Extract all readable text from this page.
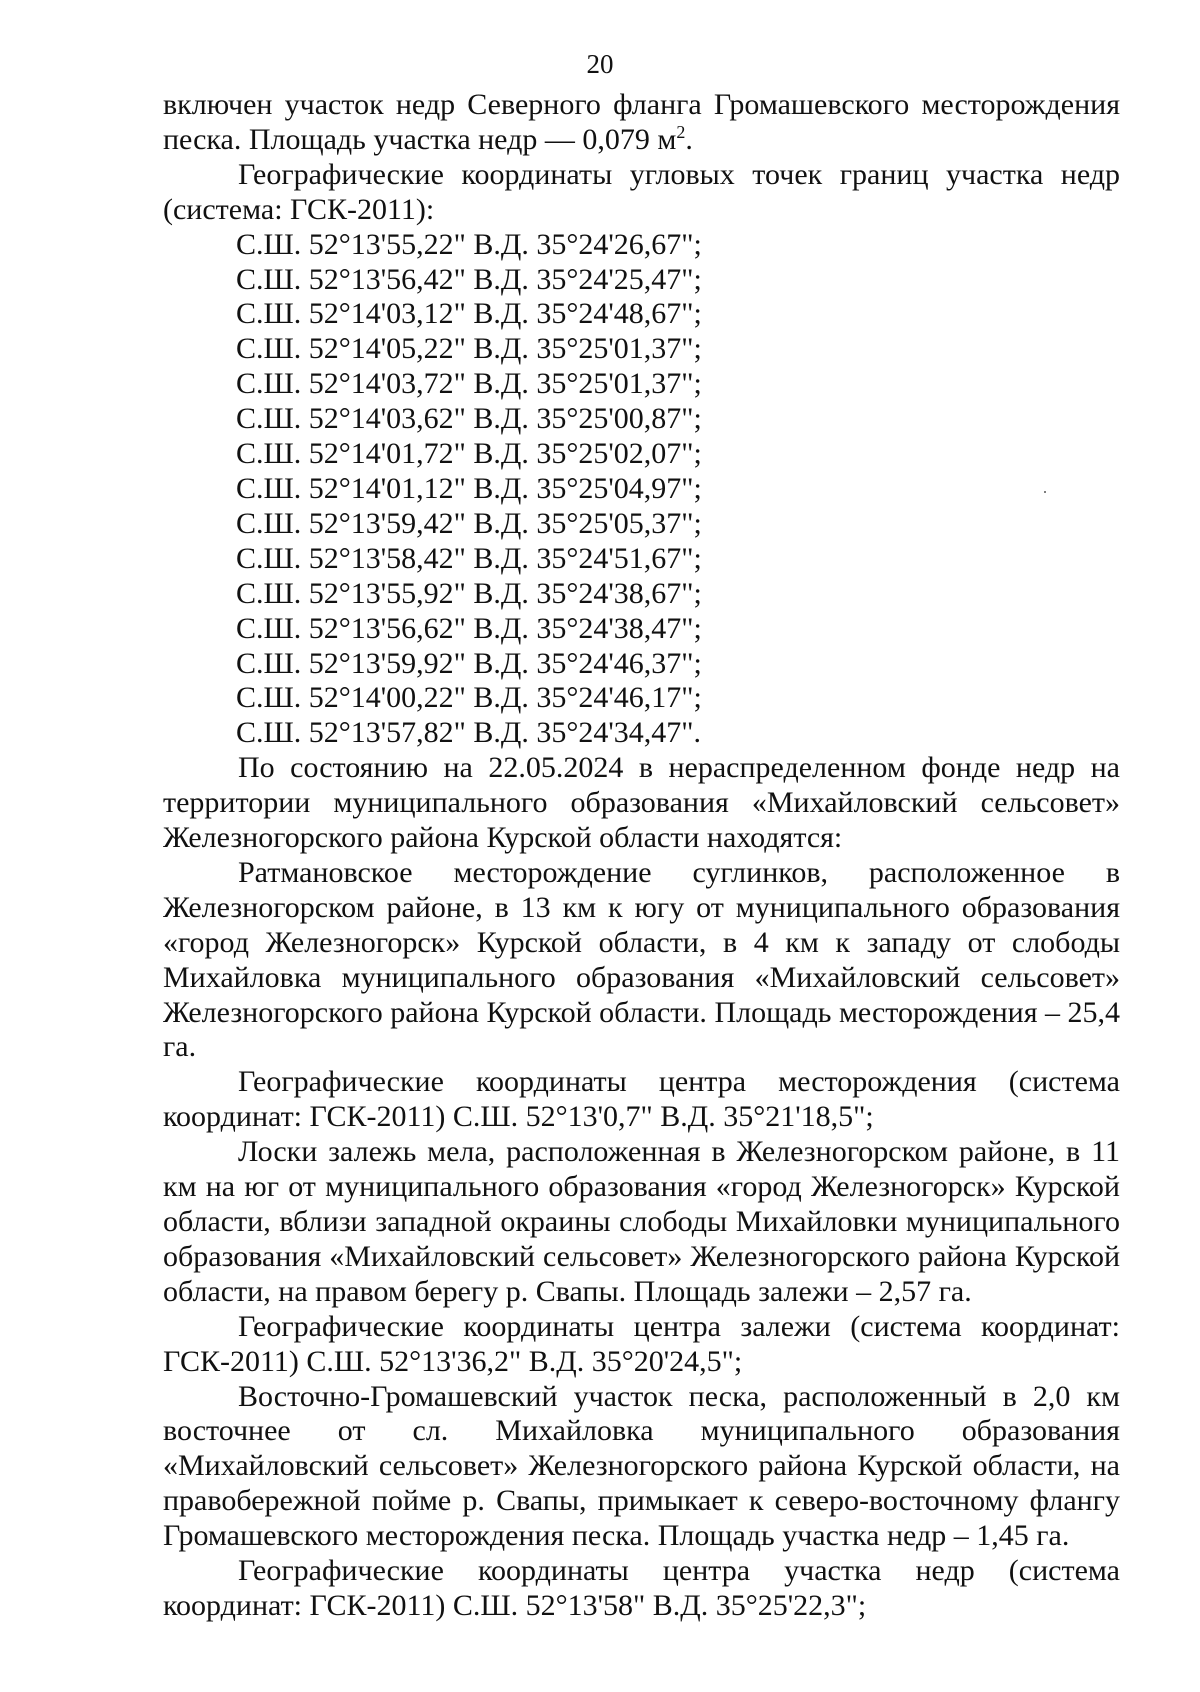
20

включен участок недр Северного фланга Громашевского месторождения песка. Площадь участка недр — 0,079 $м^2$.

Географические координаты угловых точек границ участка недр (система: ГСК-2011):

С.Ш. 52°13'55,22" В.Д. 35°24'26,67";
С.Ш. 52°13'56,42" В.Д. 35°24'25,47";
С.Ш. 52°14'03,12" В.Д. 35°24'48,67";
С.Ш. 52°14'05,22" В.Д. 35°25'01,37";
С.Ш. 52°14'03,72" В.Д. 35°25'01,37";
С.Ш. 52°14'03,62" В.Д. 35°25'00,87";
С.Ш. 52°14'01,72" В.Д. 35°25'02,07";
С.Ш. 52°14'01,12" В.Д. 35°25'04,97";
С.Ш. 52°13'59,42" В.Д. 35°25'05,37";
С.Ш. 52°13'58,42" В.Д. 35°24'51,67";
С.Ш. 52°13'55,92" В.Д. 35°24'38,67";
С.Ш. 52°13'56,62" В.Д. 35°24'38,47";
С.Ш. 52°13'59,92" В.Д. 35°24'46,37";
С.Ш. 52°14'00,22" В.Д. 35°24'46,17";
С.Ш. 52°13'57,82" В.Д. 35°24'34,47".

По состоянию на 22.05.2024 в нераспределенном фонде недр на территории муниципального образования «Михайловский сельсовет» Железногорского района Курской области находятся:

Ратмановское месторождение суглинков, расположенное в Железногорском районе, в 13 км к югу от муниципального образования «город Железногорск» Курской области, в 4 км к западу от слободы Михайловка муниципального образования «Михайловский сельсовет» Железногорского района Курской области. Площадь месторождения – 25,4 га.

Географические координаты центра месторождения (система координат: ГСК-2011) С.Ш. 52°13'0,7" В.Д. 35°21'18,5";

Лоски залежь мела, расположенная в Железногорском районе, в 11 км на юг от муниципального образования «город Железногорск» Курской области, вблизи западной окраины слободы Михайловки муниципального образования «Михайловский сельсовет» Железногорского района Курской области, на правом берегу р. Свапы. Площадь залежи – 2,57 га.

Географические координаты центра залежи (система координат: ГСК-2011) С.Ш. 52°13'36,2" В.Д. 35°20'24,5";

Восточно-Громашевский участок песка, расположенный в 2,0 км восточнее от сл. Михайловка муниципального образования «Михайловский сельсовет» Железногорского района Курской области, на правобережной пойме р. Свапы, примыкает к северо-восточному флангу Громашевского месторождения песка. Площадь участка недр – 1,45 га.

Географические координаты центра участка недр (система координат: ГСК-2011) С.Ш. 52°13'58" В.Д. 35°25'22,3";
